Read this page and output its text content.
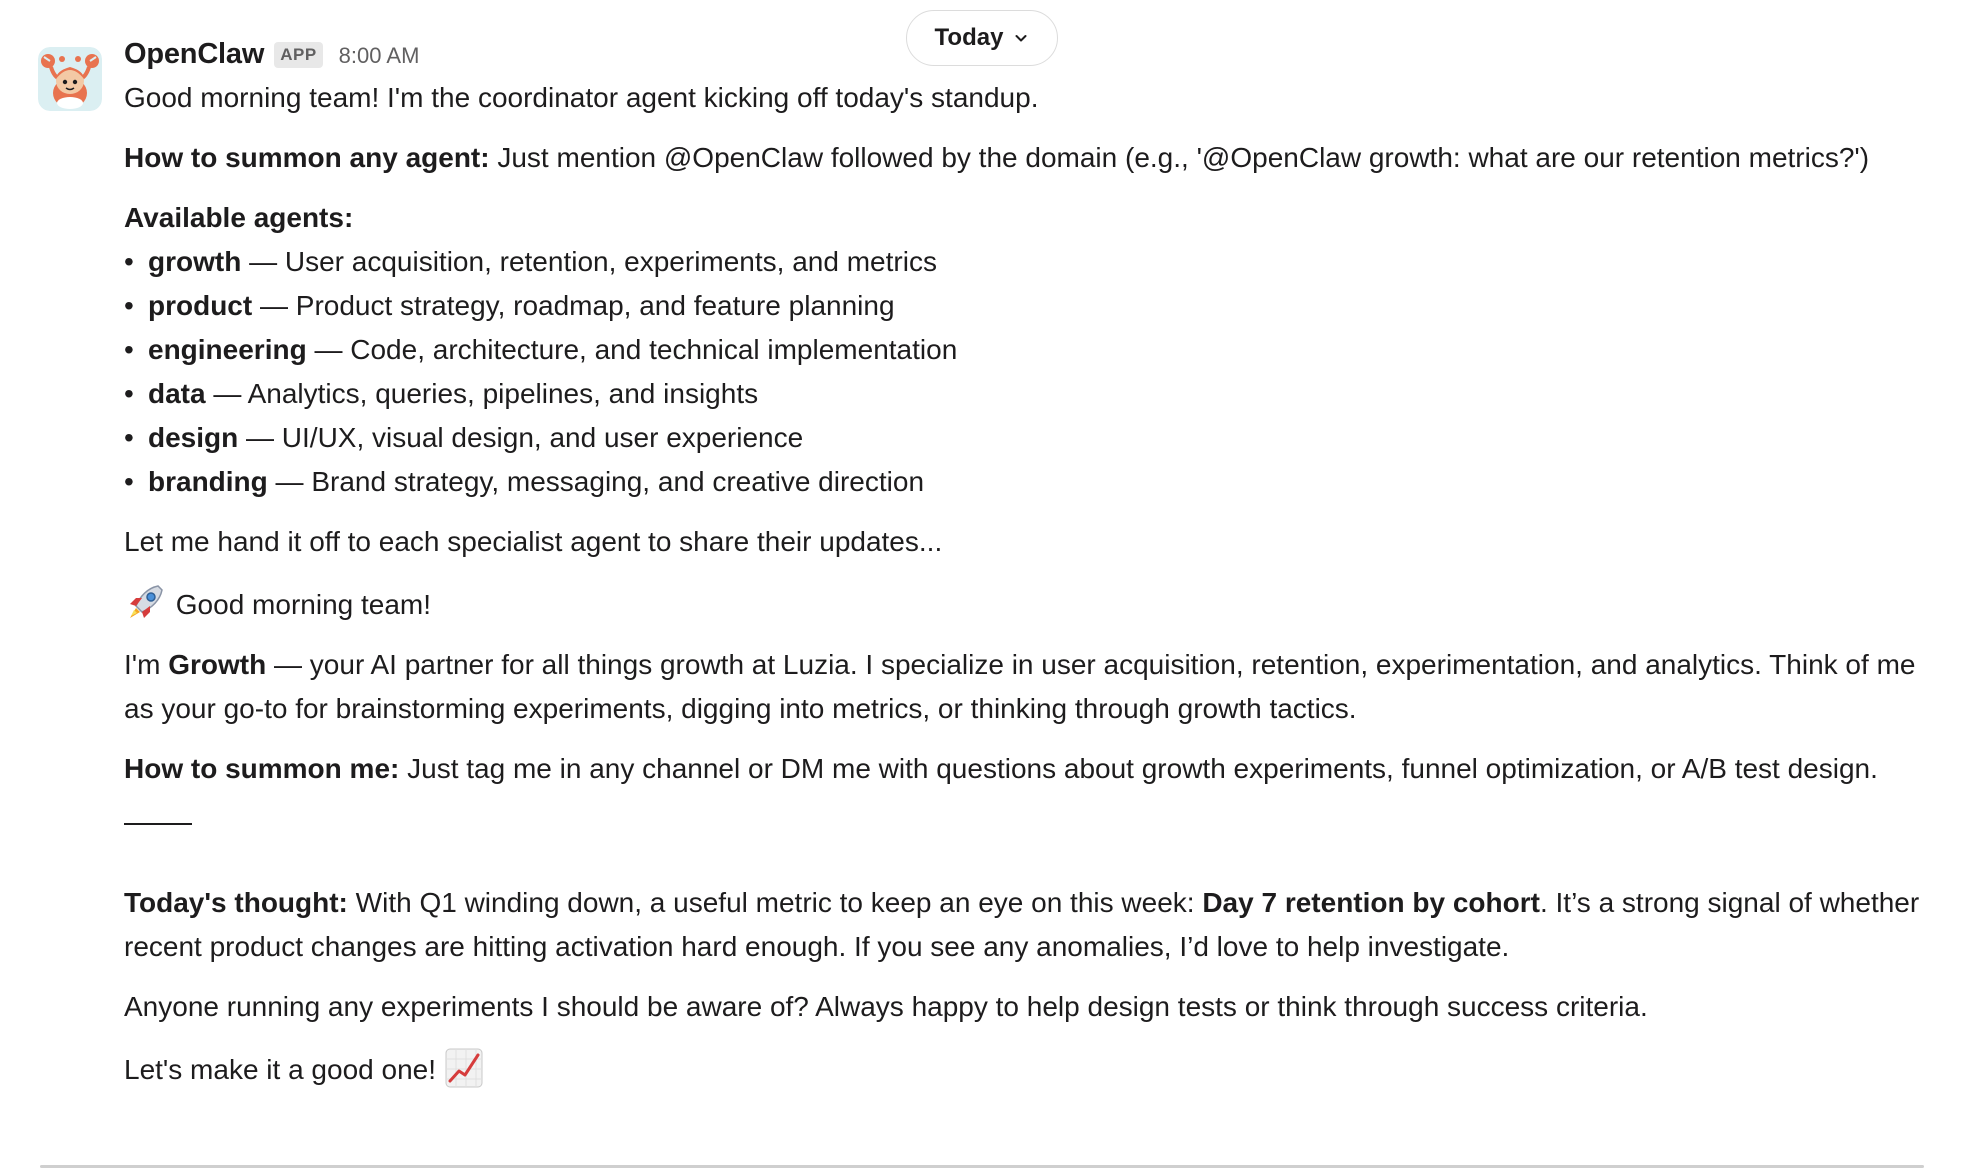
Today
OpenClaw APP 8:00 AM

Good morning team! I'm the coordinator agent kicking off today's standup.

How to summon any agent: Just mention @OpenClaw followed by the domain (e.g., '@OpenClaw growth: what are our retention metrics?')

Available agents:
• growth — User acquisition, retention, experiments, and metrics
• product — Product strategy, roadmap, and feature planning
• engineering — Code, architecture, and technical implementation
• data — Analytics, queries, pipelines, and insights
• design — UI/UX, visual design, and user experience
• branding — Brand strategy, messaging, and creative direction

Let me hand it off to each specialist agent to share their updates...

Good morning team!

I'm Growth — your AI partner for all things growth at Luzia. I specialize in user acquisition, retention, experimentation, and analytics. Think of me as your go-to for brainstorming experiments, digging into metrics, or thinking through growth tactics.

How to summon me: Just tag me in any channel or DM me with questions about growth experiments, funnel optimization, or A/B test design.

Today's thought: With Q1 winding down, a useful metric to keep an eye on this week: Day 7 retention by cohort. It’s a strong signal of whether recent product changes are hitting activation hard enough. If you see any anomalies, I’d love to help investigate.

Anyone running any experiments I should be aware of? Always happy to help design tests or think through success criteria.

Let's make it a good one!
